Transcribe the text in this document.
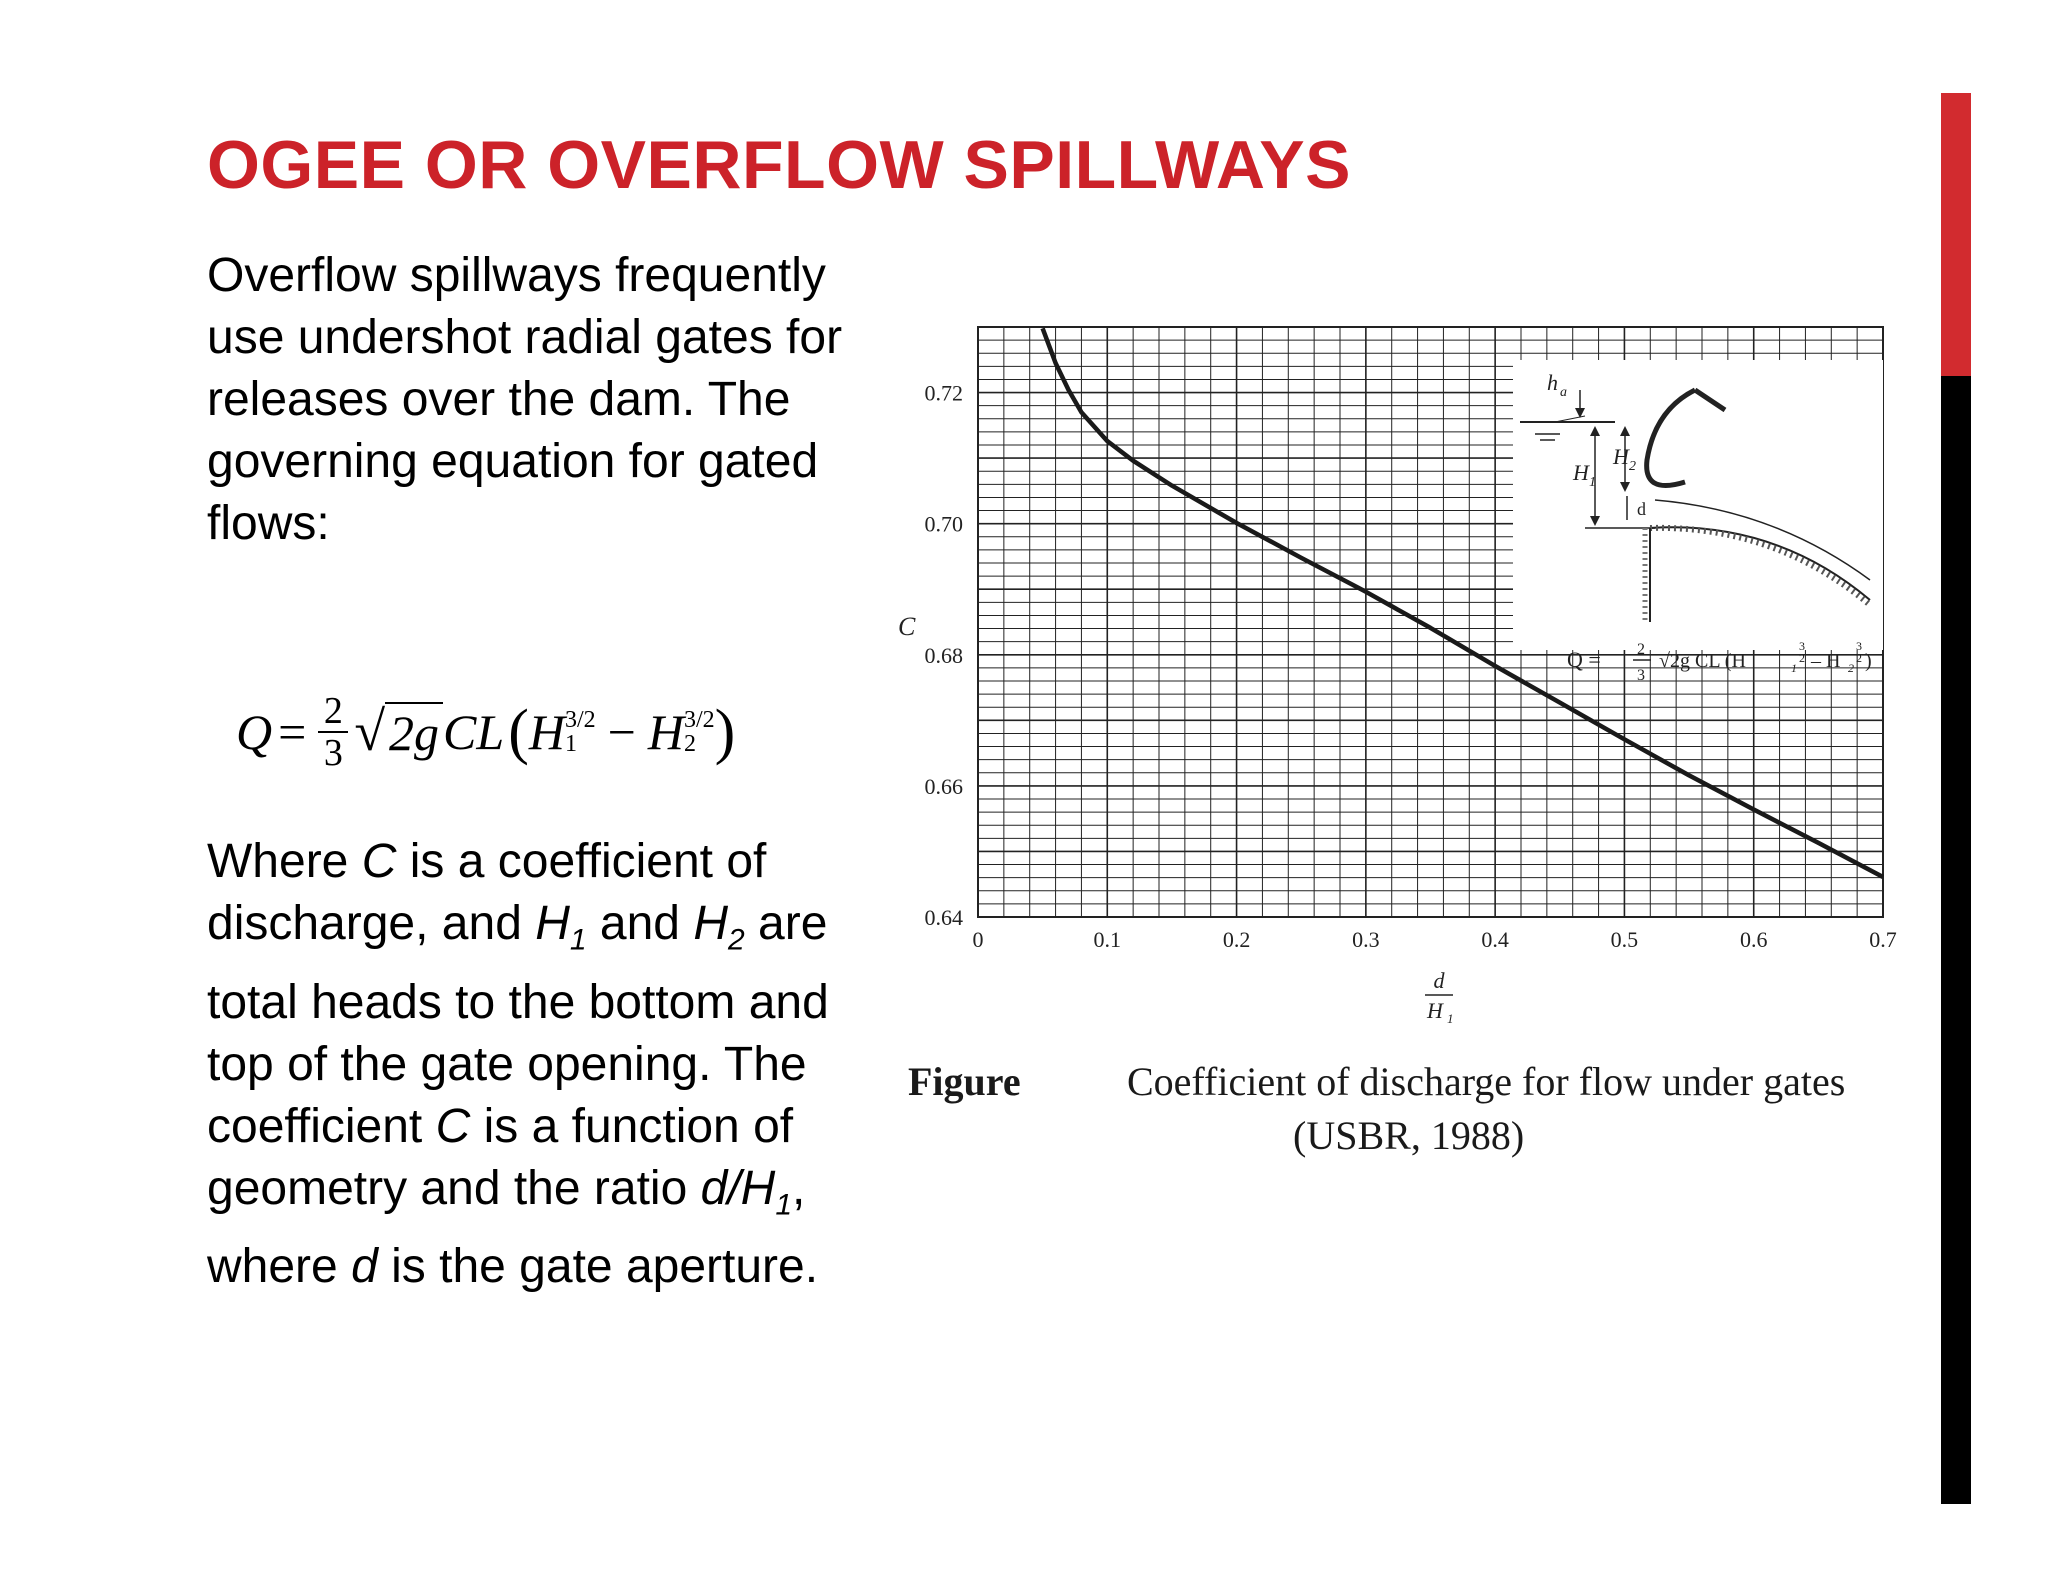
OGEE OR OVERFLOW SPILLWAYS
Overflow spillways frequently use undershot radial gates for releases over the dam. The governing equation for gated flows:
$Q = \frac{2}{3}$ √ 2g CL ( H 3/2
1 − H 3/2
2 )
Where C is a coefficient of discharge, and $H_1$ and $H_2$ are total heads to the bottom and top of the gate opening. The coefficient C is a function of geometry and the ratio $d/H_1$, where d is the gate aperture.
0	0.1	0.2	0.3	0.4	0.5	0.6	0.7
0.64
0.66
0.68
0.70
0.72	h a
H 1
H 2
d
Q = 2
3
√2g CL (H	1
3
2 – H 2
3
2 )
C
d
H 1
Figure	Coefficient of discharge for flow under gates
(USBR, 1988)
